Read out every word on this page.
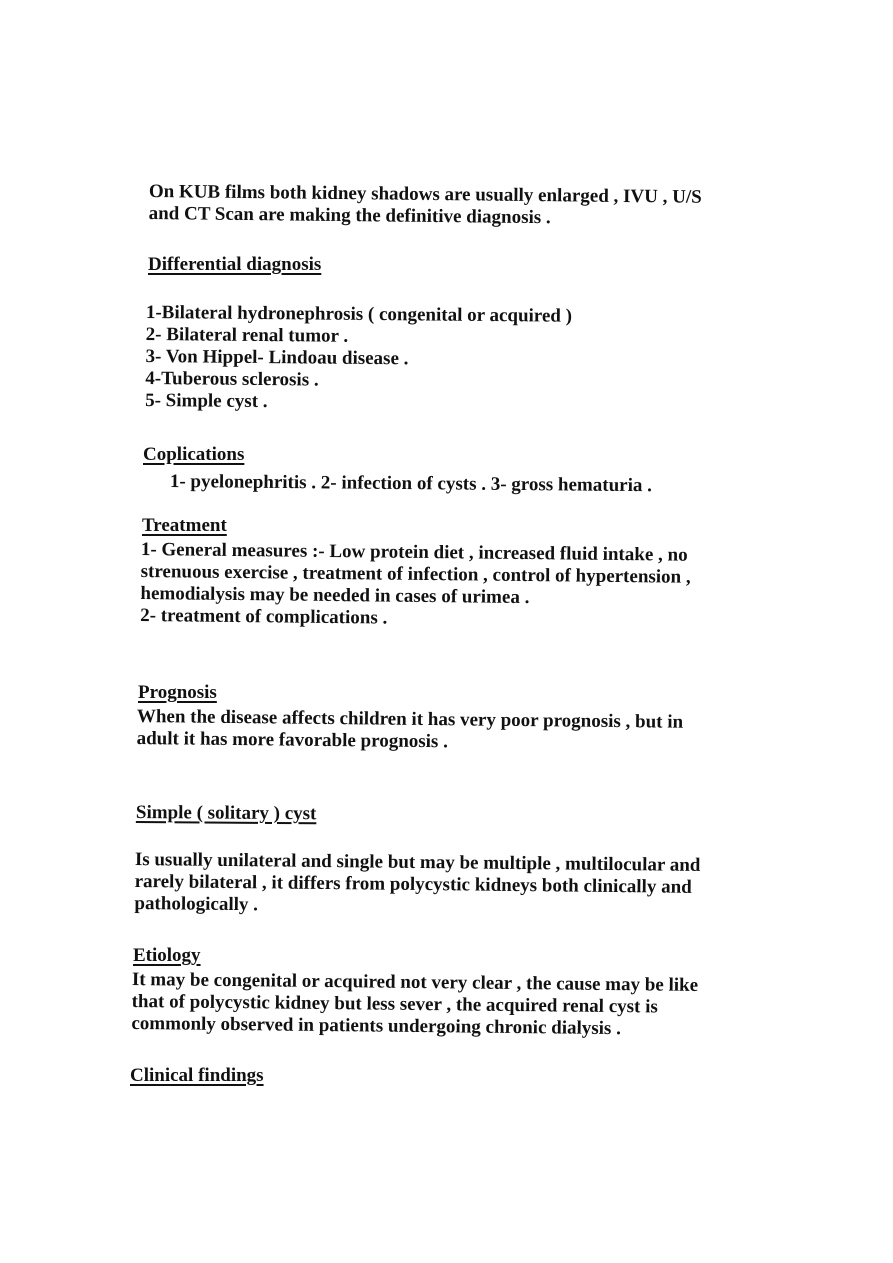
On KUB films both kidney shadows are usually enlarged , IVU , U/S
and CT Scan are making the definitive diagnosis .
Differential diagnosis
1-Bilateral hydronephrosis ( congenital or acquired )
2- Bilateral renal tumor .
3- Von Hippel- Lindoau disease .
4-Tuberous sclerosis .
5- Simple cyst .
Coplications
1- pyelonephritis . 2- infection of cysts . 3- gross hematuria .
Treatment
1- General measures :- Low protein diet , increased fluid intake , no
strenuous exercise , treatment of infection , control of hypertension ,
hemodialysis may be needed in cases of urimea .
2- treatment of complications .
Prognosis
When the disease affects children it has very poor prognosis , but in
adult it has more favorable prognosis .
Simple ( solitary ) cyst
Is usually unilateral and single but may be multiple , multilocular and
rarely bilateral , it differs from polycystic kidneys both clinically and
pathologically .
Etiology
It may be congenital or acquired not very clear , the cause may be like
that of polycystic kidney but less sever , the acquired renal cyst is
commonly observed in patients undergoing chronic dialysis .
Clinical findings
